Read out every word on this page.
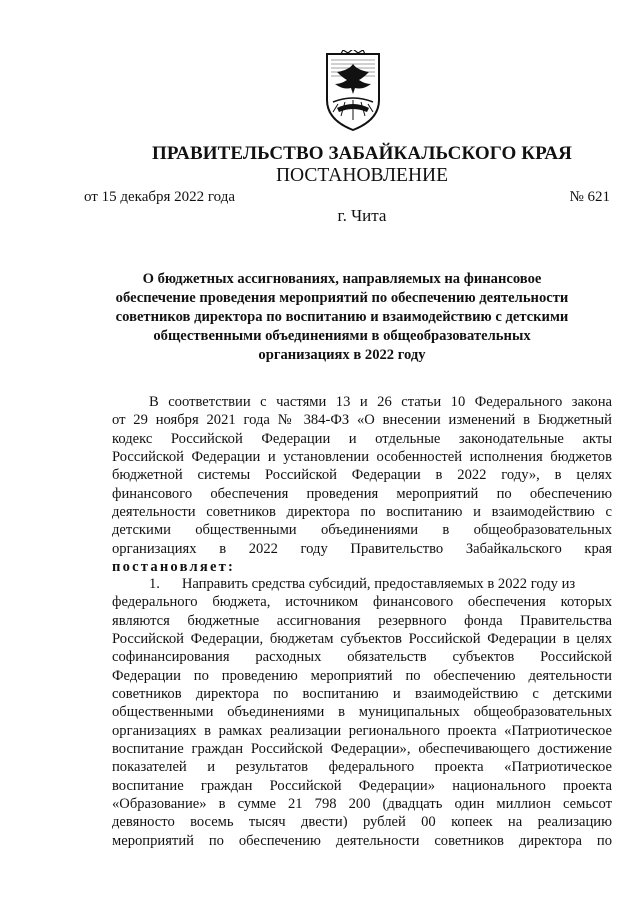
ПРАВИТЕЛЬСТВО ЗАБАЙКАЛЬСКОГО КРАЯ
ПОСТАНОВЛЕНИЕ
от 15 декабря 2022 года	№ 621
г. Чита
О бюджетных ассигнованиях, направляемых на финансовое
обеспечение проведения мероприятий по обеспечению деятельности
советников директора по воспитанию и взаимодействию с детскими
общественными объединениями в общеобразовательных
организациях в 2022 году
В соответствии с частями 13 и 26 статьи 10 Федерального закона
от 29 ноября 2021 года № 384-ФЗ «О внесении изменений в Бюджетный
кодекс Российской Федерации и отдельные законодательные акты
Российской Федерации и установлении особенностей исполнения бюджетов
бюджетной системы Российской Федерации в 2022 году», в целях
финансового обеспечения проведения мероприятий по обеспечению
деятельности советников директора по воспитанию и взаимодействию с
детскими общественными объединениями в общеобразовательных
организациях в 2022 году Правительство Забайкальского края
постановляет:
1.      Направить средства субсидий, предоставляемых в 2022 году из
федерального бюджета, источником финансового обеспечения которых
являются бюджетные ассигнования резервного фонда Правительства
Российской Федерации, бюджетам субъектов Российской Федерации в целях
софинансирования расходных обязательств субъектов Российской
Федерации по проведению мероприятий по обеспечению деятельности
советников директора по воспитанию и взаимодействию с детскими
общественными объединениями в муниципальных общеобразовательных
организациях в рамках реализации регионального проекта «Патриотическое
воспитание граждан Российской Федерации», обеспечивающего достижение
показателей и результатов федерального проекта «Патриотическое
воспитание граждан Российской Федерации» национального проекта
«Образование» в сумме 21 798 200 (двадцать один миллион семьсот
девяносто восемь тысяч двести) рублей 00 копеек на реализацию
мероприятий по обеспечению деятельности советников директора по
